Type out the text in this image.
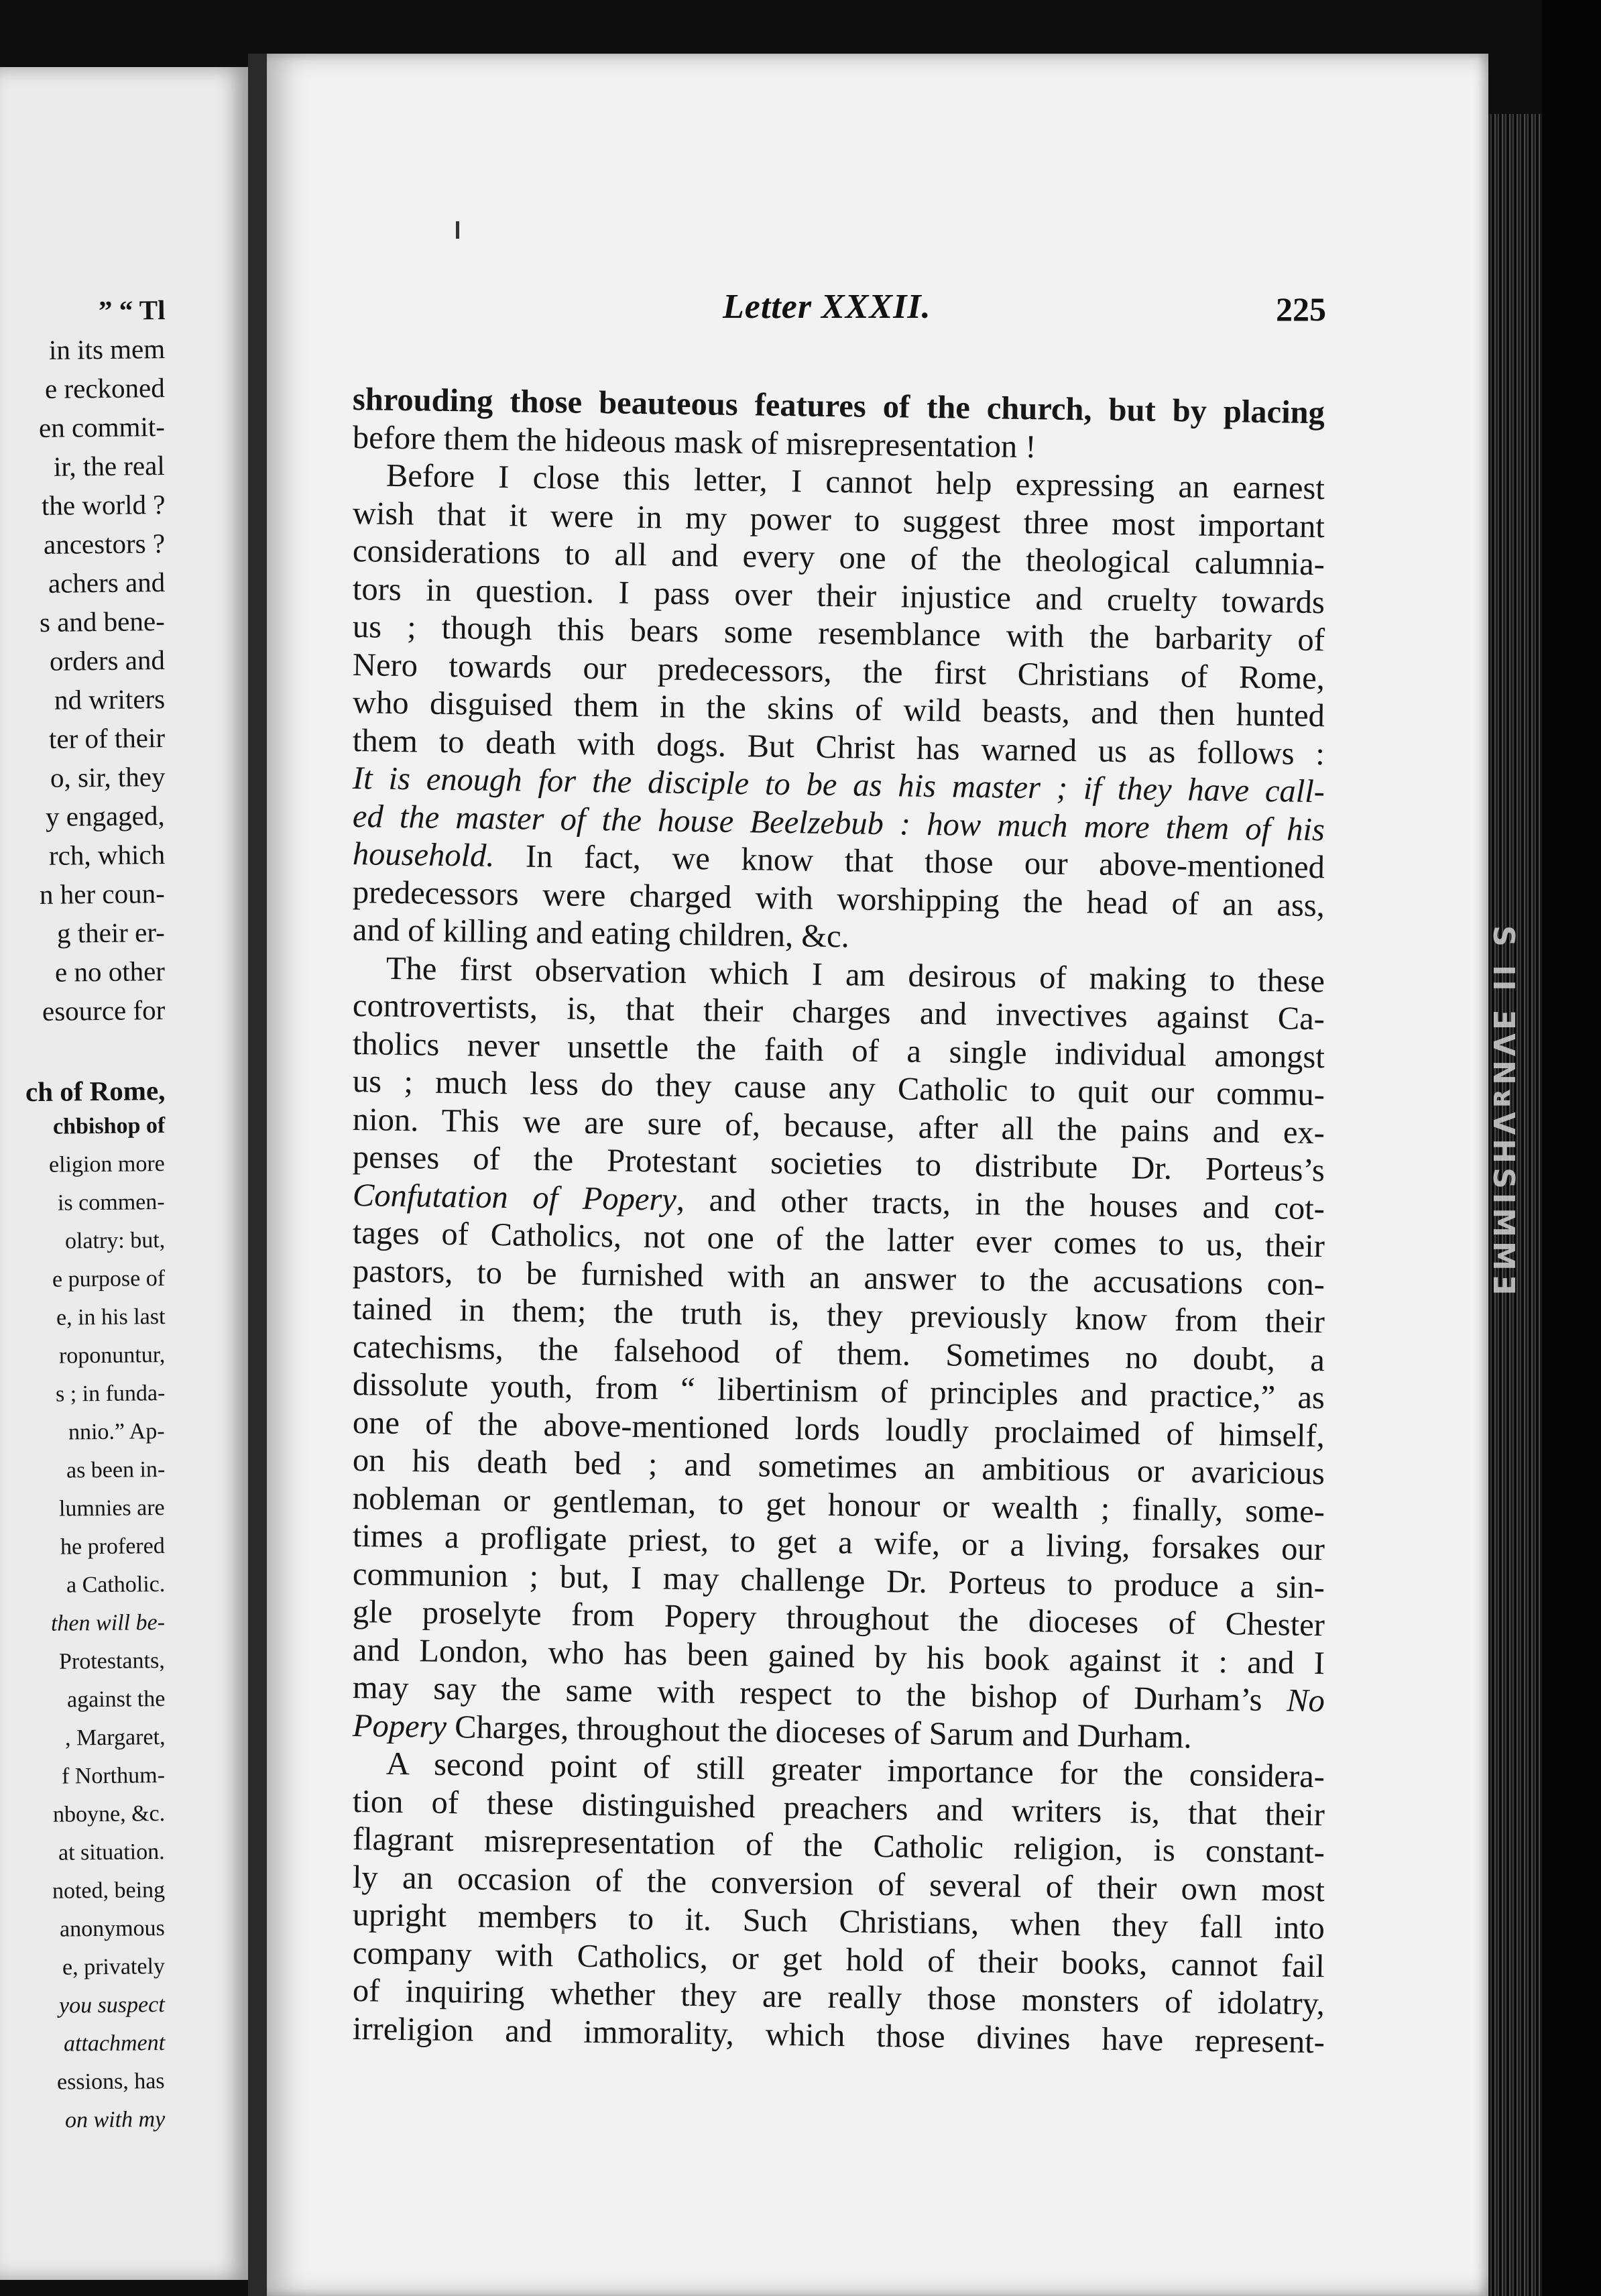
” “ Tl
in its mem
e reckoned
en commit-
ir, the real
the world ?
ancestors ?
achers and
s and bene-
orders and
nd writers
ter of their
o, sir, they
y engaged,
rch, which
n her coun-
g their er-
e no other
esource for
ch of Rome,
chbishop of
eligion more
is commen-
olatry: but,
e purpose of
e, in his last
roponuntur,
s ; in funda-
nnio.” Ap-
as been in-
lumnies are
he profered
a Catholic.
then will be-
Protestants,
against the
, Margaret,
f Northum-
nboyne, &c.
at situation.
noted, being
anonymous
e, privately
you suspect
attachment
essions, has
on with my
Letter XXXII.	225
shrouding those beauteous features of the church, but by placing
before them the hideous mask of misrepresentation !
Before I close this letter, I cannot help expressing an earnest
wish that it were in my power to suggest three most important
considerations to all and every one of the theological calumnia-
tors in question. I pass over their injustice and cruelty towards
us ; though this bears some resemblance with the barbarity of
Nero towards our predecessors, the first Christians of Rome,
who disguised them in the skins of wild beasts, and then hunted
them to death with dogs. But Christ has warned us as follows :
It is enough for the disciple to be as his master ; if they have call-
ed the master of the house Beelzebub : how much more them of his
household. In fact, we know that those our above-mentioned
predecessors were charged with worshipping the head of an ass,
and of killing and eating children, &c.
The first observation which I am desirous of making to these
controvertists, is, that their charges and invectives against Ca-
tholics never unsettle the faith of a single individual amongst
us ; much less do they cause any Catholic to quit our commu-
nion. This we are sure of, because, after all the pains and ex-
penses of the Protestant societies to distribute Dr. Porteus’s
Confutation of Popery, and other tracts, in the houses and cot-
tages of Catholics, not one of the latter ever comes to us, their
pastors, to be furnished with an answer to the accusations con-
tained in them; the truth is, they previously know from their
catechisms, the falsehood of them. Sometimes no doubt, a
dissolute youth, from “ libertinism of principles and practice,” as
one of the above-mentioned lords loudly proclaimed of himself,
on his death bed ; and sometimes an ambitious or avaricious
nobleman or gentleman, to get honour or wealth ; finally, some-
times a profligate priest, to get a wife, or a living, forsakes our
communion ; but, I may challenge Dr. Porteus to produce a sin-
gle proselyte from Popery throughout the dioceses of Chester
and London, who has been gained by his book against it : and I
may say the same with respect to the bishop of Durham’s No
Popery Charges, throughout the dioceses of Sarum and Durham.
A second point of still greater importance for the considera-
tion of these distinguished preachers and writers is, that their
flagrant misrepresentation of the Catholic religion, is constant-
ly an occasion of the conversion of several of their own most
upright members to it. Such Christians, when they fall into
company with Catholics, or get hold of their books, cannot fail
of inquiring whether they are really those monsters of idolatry,
irreligion and immorality, which those divines have represent-
S II ƎVNᴚVHSIMMƎ
